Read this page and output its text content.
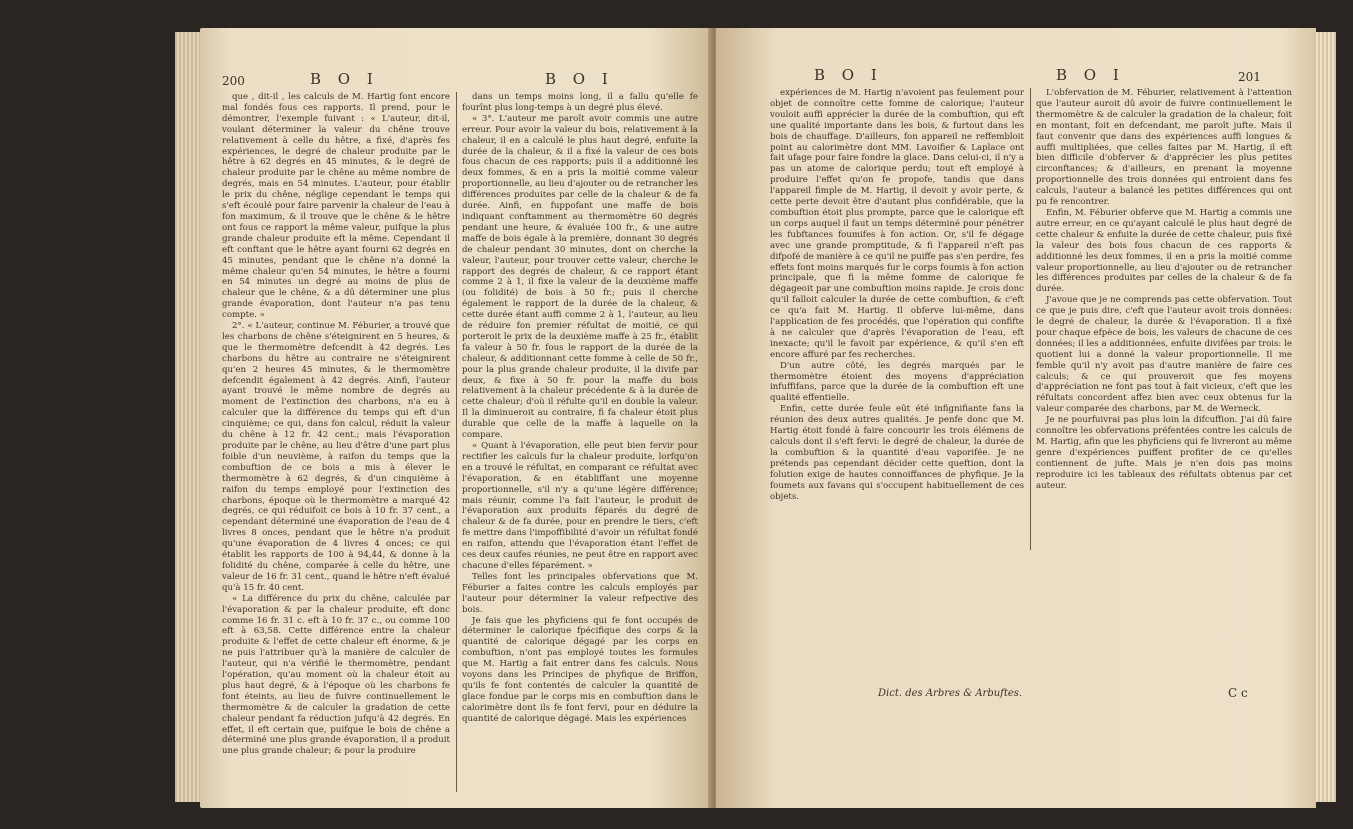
200	B O I	B O I

que , dit-il , les calculs de M. Hartig font encore mal fondés fous ces rapports. Il prend, pour le démontrer, l'exemple fuivant : « L'auteur, dit-il, voulant déterminer la valeur du chêne trouve relativement à celle du hêtre, a fixé, d'après fes expériences, le degré de chaleur produite par le hêtre à 62 degrés en 45 minutes, & le degré de chaleur produite par le chêne au même nombre de degrés, mais en 54 minutes. L'auteur, pour établir le prix du chêne, néglige cependant le temps qui s'eft écoulé pour faire parvenir la chaleur de l'eau à fon maximum, & il trouve que le chêne & le hêtre ont fous ce rapport la même valeur, puifque la plus grande chaleur produite eft la même. Cependant il eft conftant que le hêtre ayant fourni 62 degrés en 45 minutes, pendant que le chêne n'a donné la même chaleur qu'en 54 minutes, le hêtre a fourni en 54 minutes un degré au moins de plus de chaleur que le chêne, & a dû déterminer une plus grande évaporation, dont l'auteur n'a pas tenu compte. »

2°. « L'auteur, continue M. Féburier, a trouvé que les charbons de chêne s'éteignirent en 5 heures, & que le thermomètre defcendit à 42 degrés. Les charbons du hêtre au contraire ne s'éteignirent qu'en 2 heures 45 minutes, & le thermomètre defcendit également à 42 degrés. Ainfi, l'auteur ayant trouvé le même nombre de degrés au moment de l'extinction des charbons, n'a eu à calculer que la différence du temps qui eft d'un cinquième; ce qui, dans fon calcul, réduit la valeur du chêne à 12 fr. 42 cent.; mais l'évaporation produite par le chêne, au lieu d'être d'une part plus foible d'un neuvième, à raifon du temps que la combuftion de ce bois a mis à élever le thermomètre à 62 degrés, & d'un cinquième à raifon du temps employé pour l'extinction des charbons, époque où le thermomètre a marqué 42 degrés, ce qui réduifoit ce bois à 10 fr. 37 cent., a cependant déterminé une évaporation de l'eau de 4 livres 8 onces, pendant que le hêtre n'a produit qu'une évaporation de 4 livres 4 onces; ce qui établit les rapports de 100 à 94,44, & donne à la folidité du chêne, comparée à celle du hêtre, une valeur de 16 fr. 31 cent., quand le hêtre n'eft évalué qu'à 15 fr. 40 cent.

« La différence du prix du chêne, calculée par l'évaporation & par la chaleur produite, eft donc comme 16 fr. 31 c. eft à 10 fr. 37 c., ou comme 100 eft à 63,58. Cette différence entre la chaleur produite & l'effet de cette chaleur eft énorme, & je ne puis l'attribuer qu'à la manière de calculer de l'auteur, qui n'a vérifié le thermomètre, pendant l'opération, qu'au moment où la chaleur étoit au plus haut degré, & à l'époque où les charbons fe font éteints, au lieu de fuivre continuellement le thermomètre & de calculer la gradation de cette chaleur pendant fa réduction jufqu'à 42 degrés. En effet, il eft certain que, puifque le bois de chêne a déterminé une plus grande évaporation, il a produit une plus grande chaleur; & pour la produire

dans un temps moins long, il a fallu qu'elle fe fourînt plus long-temps à un degré plus élevé.

« 3°. L'auteur me paroît avoir commis une autre erreur. Pour avoir la valeur du bois, relativement à la chaleur, il en a calculé le plus haut degré, enfuite la durée de la chaleur, & il a fixé la valeur de ces bois fous chacun de ces rapports; puis il a additionné les deux fommes, & en a pris la moitié comme valeur proportionnelle, au lieu d'ajouter ou de retrancher les différences produites par celle de la chaleur & de fa durée. Ainfi, en fuppofant une maffe de bois indiquant conftamment au thermomètre 60 degrés pendant une heure, & évaluée 100 fr., & une autre maffe de bois égale à la première, donnant 30 degrés de chaleur pendant 30 minutes, dont on cherche la valeur, l'auteur, pour trouver cette valeur, cherche le rapport des degrés de chaleur, & ce rapport étant comme 2 à 1, il fixe la valeur de la deuxième maffe (ou folidité) de bois à 50 fr.; puis il cherche également le rapport de la durée de la chaleur, & cette durée étant auffi comme 2 à 1, l'auteur, au lieu de réduire fon premier réfultat de moitié, ce qui porteroit le prix de la deuxième maffe à 25 fr., établit fa valeur à 50 fr. fous le rapport de la durée de la chaleur, & additionnant cette fomme à celle de 50 fr., pour la plus grande chaleur produite, il la divife par deux, & fixe à 50 fr. pour la maffe du bois relativement à la chaleur précédente & à la durée de cette chaleur; d'où il réfulte qu'il en double la valeur. Il la diminueroit au contraire, fi fa chaleur étoit plus durable que celle de la maffe à laquelle on la compare.

« Quant à l'évaporation, elle peut bien fervir pour rectifier les calculs fur la chaleur produite, lorfqu'on en a trouvé le réfultat, en comparant ce réfultat avec l'évaporation, & en établiffant une moyenne proportionnelle, s'il n'y a qu'une légère différence; mais réunir, comme l'a fait l'auteur, le produit de l'évaporation aux produits féparés du degré de chaleur & de fa durée, pour en prendre le tiers, c'eft fe mettre dans l'impoffibilité d'avoir un réfultat fondé en raifon, attendu que l'évaporation étant l'effet de ces deux caufes réunies, ne peut être en rapport avec chacune d'elles féparément. »

Telles font les principales obfervations que M. Féburier a faites contre les calculs employés par l'auteur pour déterminer la valeur refpective des bois.

Je fais que les phyficiens qui fe font occupés de déterminer le calorique fpécifique des corps & la quantité de calorique dégagé par les corps en combuftion, n'ont pas employé toutes les formules que M. Hartig a fait entrer dans fes calculs. Nous voyons dans les Principes de phyfique de Briffon, qu'ils fe font contentés de calculer la quantité de glace fondue par le corps mis en combuftion dans le calorimètre dont ils fe font fervi, pour en déduire la quantité de calorique dégagé. Mais les expériences

B O I	B O I	201

expériences de M. Hartig n'avoient pas feulement pour objet de connoître cette fomme de calorique; l'auteur vouloit auffi apprécier la durée de la combuftion, qui eft une qualité importante dans les bois, & furtout dans les bois de chauffage. D'ailleurs, fon appareil ne reffembloit point au calorimètre dont MM. Lavoifier & Laplace ont fait ufage pour faire fondre la glace. Dans celui-ci, il n'y a pas un atome de calorique perdu; tout eft employé à produire l'effet qu'on fe propofe, tandis que dans l'appareil fimple de M. Hartig, il devoit y avoir perte, & cette perte devoit être d'autant plus confidérable, que la combuftion étoit plus prompte, parce que le calorique eft un corps auquel il faut un temps déterminé pour pénétrer les fubftances foumifes à fon action. Or, s'il fe dégage avec une grande promptitude, & fi l'appareil n'eft pas difpofé de manière à ce qu'il ne puiffe pas s'en perdre, fes effets font moins marqués fur le corps foumis à fon action principale, que fi la même fomme de calorique fe dégageoit par une combuftion moins rapide. Je crois donc qu'il falloit calculer la durée de cette combuftion, & c'eft ce qu'a fait M. Hartig. Il obferve lui-même, dans l'application de fes procédés, que l'opération qui confifte à ne calculer que d'après l'évaporation de l'eau, eft inexacte; qu'il le favoit par expérience, & qu'il s'en eft encore affuré par fes recherches.

D'un autre côté, les degrés marqués par le thermomètre étoient des moyens d'appréciation infuffifans, parce que la durée de la combuftion eft une qualité effentielle.

Enfin, cette durée feule eût été infignifiante fans la réunion des deux autres qualités. Je penfe donc que M. Hartig étoit fondé à faire concourir les trois élémens de calculs dont il s'eft fervi: le degré de chaleur, la durée de la combuftion & la quantité d'eau vaporifée. Je ne prétends pas cependant décider cette queftion, dont la folution exige de hautes connoiffances de phyfique. Je la foumets aux favans qui s'occupent habituellement de ces objets.

L'obfervation de M. Féburier, relativement à l'attention que l'auteur auroit dû avoir de fuivre continuellement le thermomètre & de calculer la gradation de la chaleur, foit en montant, foit en defcendant, me paroît jufte. Mais il faut convenir que dans des expériences auffi longues & auffi multipliées, que celles faites par M. Hartig, il eft bien difficile d'obferver & d'apprécier les plus petites circonftances; & d'ailleurs, en prenant la moyenne proportionnelle des trois données qui entroient dans fes calculs, l'auteur a balancé les petites différences qui ont pu fe rencontrer.

Enfin, M. Féburier obferve que M. Hartig a commis une autre erreur, en ce qu'ayant calculé le plus haut degré de cette chaleur & enfuite la durée de cette chaleur, puis fixé la valeur des bois fous chacun de ces rapports & additionné les deux fommes, il en a pris la moitié comme valeur proportionnelle, au lieu d'ajouter ou de retrancher les différences produites par celles de la chaleur & de fa durée.

J'avoue que je ne comprends pas cette obfervation. Tout ce que je puis dire, c'eft que l'auteur avoit trois données: le degré de chaleur, la durée & l'évaporation. Il a fixé pour chaque efpèce de bois, les valeurs de chacune de ces données; il les a additionnées, enfuite divifées par trois: le quotient lui a donné la valeur proportionnelle. Il me femble qu'il n'y avoit pas d'autre manière de faire ces calculs; & ce qui prouveroit que fes moyens d'appréciation ne font pas tout à fait vicieux, c'eft que les réfultats concordent affez bien avec ceux obtenus fur la valeur comparée des charbons, par M. de Werneck.

Je ne pourfuivrai pas plus loin la difcuffion. J'ai dû faire connoître les obfervations préfentées contre les calculs de M. Hartig, afin que les phyficiens qui fe livreront au même genre d'expériences puiffent profiter de ce qu'elles contiennent de jufte. Mais je n'en dois pas moins reproduire ici les tableaux des réfultats obtenus par cet auteur.

Dict. des Arbres & Arbuftes.	C c
